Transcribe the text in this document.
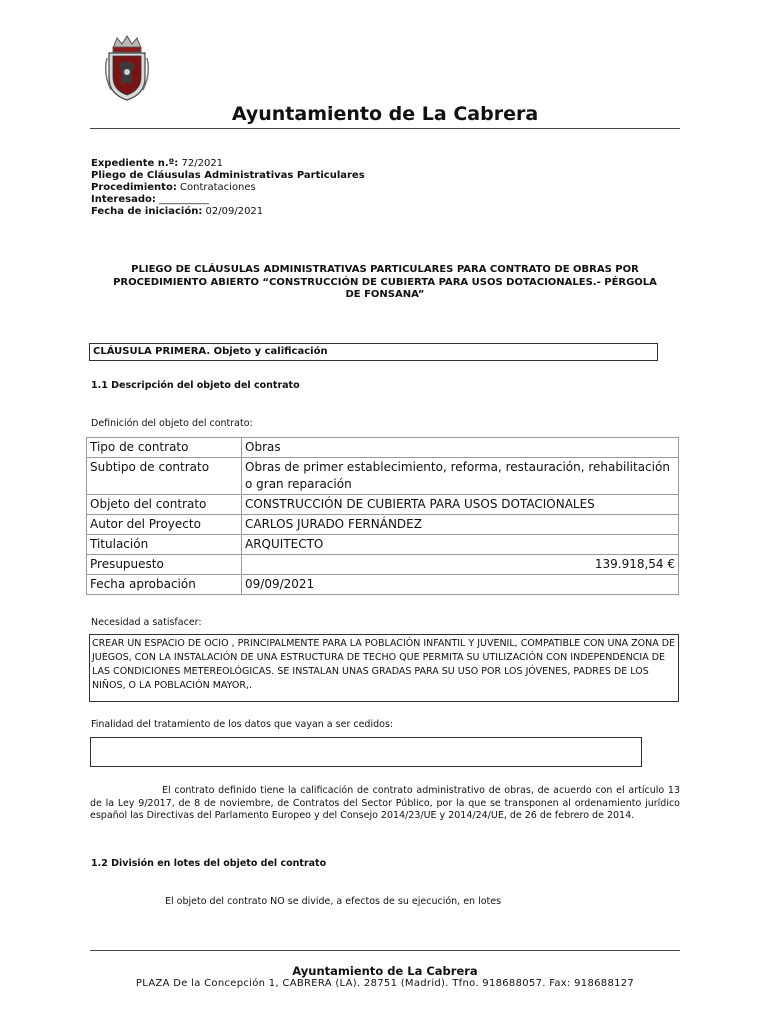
Ayuntamiento de La Cabrera
Expediente n.º: 72/2021
Pliego de Cláusulas Administrativas Particulares
Procedimiento: Contrataciones
Interesado: __________
Fecha de iniciación: 02/09/2021
PLIEGO DE CLÁUSULAS ADMINISTRATIVAS PARTICULARES PARA CONTRATO DE OBRAS POR
PROCEDIMIENTO ABIERTO “CONSTRUCCIÓN DE CUBIERTA PARA USOS DOTACIONALES.- PÉRGOLA
DE FONSANA”
CLÁUSULA PRIMERA. Objeto y calificación
1.1 Descripción del objeto del contrato
Definición del objeto del contrato:
Tipo de contrato	Obras
Subtipo de contrato	Obras de primer establecimiento, reforma, restauración, rehabilitación o gran reparación
Objeto del contrato	CONSTRUCCIÓN DE CUBIERTA PARA USOS DOTACIONALES
Autor del Proyecto	CARLOS JURADO FERNÁNDEZ
Titulación	ARQUITECTO
Presupuesto	139.918,54 €
Fecha aprobación	09/09/2021
Necesidad a satisfacer:
CREAR UN ESPACIO DE OCIO , PRINCIPALMENTE PARA LA POBLACIÓN INFANTIL Y JUVENIL, COMPATIBLE CON UNA ZONA DE JUEGOS, CON LA INSTALACIÓN DE UNA ESTRUCTURA DE TECHO QUE PERMITA SU UTILIZACIÓN CON INDEPENDENCIA DE LAS CONDICIONES METEREOLÓGICAS. SE INSTALAN UNAS GRADAS PARA SU USO POR LOS JÓVENES, PADRES DE LOS NIÑOS, O LA POBLACIÓN MAYOR,.
Finalidad del tratamiento de los datos que vayan a ser cedidos:
El contrato definido tiene la calificación de contrato administrativo de obras, de acuerdo con el artículo 13 de la Ley 9/2017, de 8 de noviembre, de Contratos del Sector Público, por la que se transponen al ordenamiento jurídico español las Directivas del Parlamento Europeo y del Consejo 2014/23/UE y 2014/24/UE, de 26 de febrero de 2014.
1.2 División en lotes del objeto del contrato
El objeto del contrato NO se divide, a efectos de su ejecución, en lotes
Ayuntamiento de La Cabrera
PLAZA De la Concepción 1, CABRERA (LA). 28751 (Madrid). Tfno. 918688057. Fax: 918688127
